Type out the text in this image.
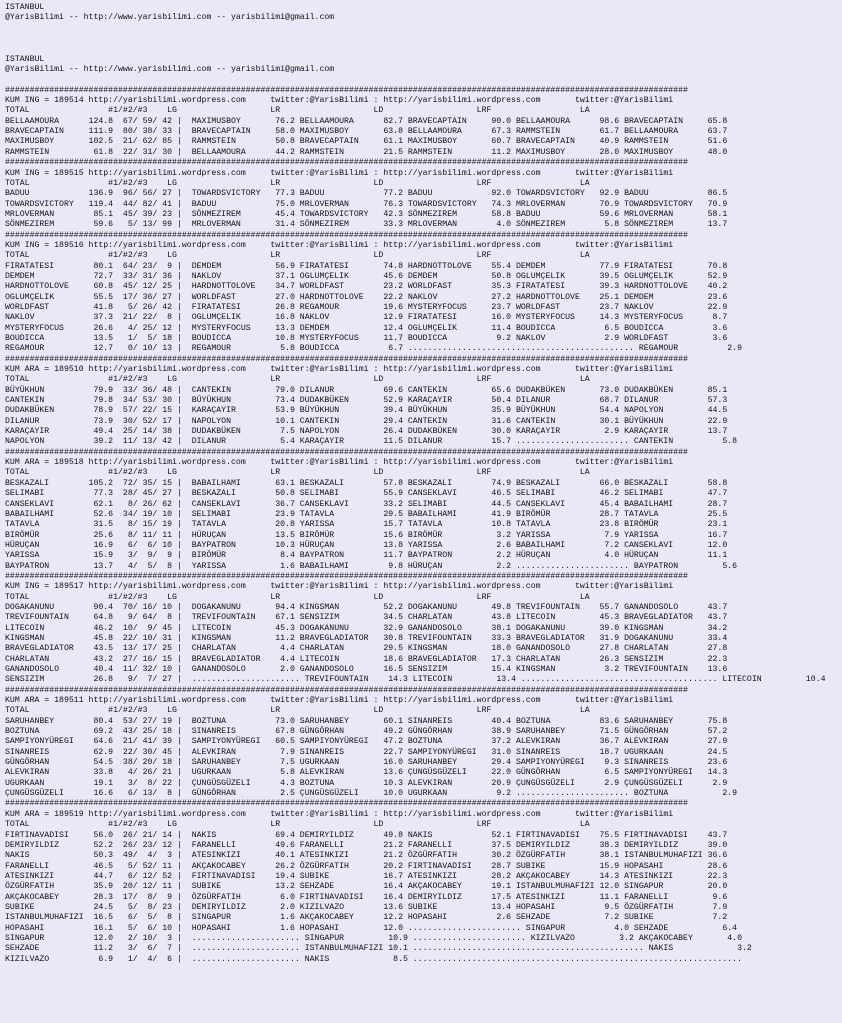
ISTANBUL
@YarisBilimi -- http://www.yarisbilimi.com -- yarisbilimi@gmail.com

ISTANBUL
@YarisBilimi -- http://www.yarisbilimi.com -- yarisbilimi@gmail.com

###########################################################################################################################################
KUM ING = 189514 http://yarisbilimi.wordpress.com     twitter:@YarisBilimi : http://yarisbilimi.wordpress.com       twitter:@YarisBilimi
TOTAL                #1/#2/#3    LG                   LR                   LD                   LRF                  LA
BELLAAMOURA      124.8  67/ 59/ 42 |  MAXIMUSBOY       76.2 BELLAAMOURA      82.7 BRAVECAPTAIN     90.0 BELLAAMOURA      98.6 BRAVECAPTAIN     65.8
BRAVECAPTAIN     111.9  80/ 38/ 33 |  BRAVECAPTAIN     58.0 MAXIMUSBOY       63.8 BELLAAMOURA      67.3 RAMMSTEIN        61.7 BELLAAMOURA      63.7
MAXIMUSBOY       102.5  21/ 62/ 85 |  RAMMSTEIN        50.8 BRAVECAPTAIN     61.1 MAXIMUSBOY       60.7 BRAVECAPTAIN     40.9 RAMMSTEIN        51.6
RAMMSTEIN         61.8  22/ 31/ 30 |  BELLAAMOURA      44.2 RAMMSTEIN        21.5 RAMMSTEIN        11.2 MAXIMUSBOY       28.0 MAXIMUSBOY       48.0
###########################################################################################################################################
KUM ING = 189515 http://yarisbilimi.wordpress.com     twitter:@YarisBilimi : http://yarisbilimi.wordpress.com       twitter:@YarisBilimi
TOTAL                #1/#2/#3    LG                   LR                   LD                   LRF                  LA
BADUU            136.9  96/ 56/ 27 |  TOWARDSVICTORY   77.3 BADUU            77.2 BADUU            92.0 TOWARDSVICTORY   92.9 BADUU            86.5
TOWARDSVICTORY   119.4  44/ 82/ 41 |  BADUU            75.0 MRLOVERMAN       76.3 TOWARDSVICTORY   74.3 MRLOVERMAN       70.9 TOWARDSVICTORY   70.9
MRLOVERMAN        85.1  45/ 39/ 23 |  SÖNMEZIREM       45.4 TOWARDSVICTORY   42.3 SÖNMEZIREM       58.8 BADUU            59.6 MRLOVERMAN       58.1
SÖNMEZIREM        59.6   5/ 13/ 99 |  MRLOVERMAN       31.4 SÖNMEZIREM       33.3 MRLOVERMAN        4.0 SÖNMEZIREM        5.8 SÖNMEZIREM       13.7
###########################################################################################################################################
KUM ING = 189516 http://yarisbilimi.wordpress.com     twitter:@YarisBilimi : http://yarisbilimi.wordpress.com       twitter:@YarisBilimi
TOTAL                #1/#2/#3    LG                   LR                   LD                   LRF                  LA
FIRATATESI        80.1  64/ 23/  9 |  DEMDEM           56.9 FIRATATESI       74.8 HARDNOTTOLOVE    55.4 DEMDEM           77.9 FIRATATESI       70.8
DEMDEM            72.7  33/ 31/ 36 |  NAKLOV           37.1 OGLUMÇELIK       45.6 DEMDEM           50.8 OGLUMÇELIK       39.5 OGLUMÇELIK       52.9
HARDNOTTOLOVE     60.8  45/ 12/ 25 |  HARDNOTTOLOVE    34.7 WORLDFAST        23.2 WORLDFAST        35.3 FIRATATESI       39.3 HARDNOTTOLOVE    40.2
OGLUMÇELIK        55.5  17/ 36/ 27 |  WORLDFAST        27.0 HARDNOTTOLOVE    22.2 NAKLOV           27.2 HARDNOTTOLOVE    25.1 DEMDEM           23.6
WORLDFAST         41.8   5/ 26/ 42 |  FIRATATESI       26.8 REGAMOUR         19.6 MYSTERYFOCUS     23.7 WORLDFAST        23.7 NAKLOV           22.9
NAKLOV            37.3  21/ 22/  8 |  OGLUMÇELIK       16.8 NAKLOV           12.9 FIRATATESI       16.0 MYSTERYFOCUS     14.3 MYSTERYFOCUS      8.7
MYSTERYFOCUS      26.6   4/ 25/ 12 |  MYSTERYFOCUS     13.3 DEMDEM           12.4 OGLUMÇELIK       11.4 BOUDICCA          6.5 BOUDICCA          3.6
BOUDICCA          13.5   1/  5/ 18 |  BOUDICCA         10.8 MYSTERYFOCUS     11.7 BOUDICCA          9.2 NAKLOV            2.9 WORLDFAST         3.6
REGAMOUR          12.7   0/ 10/ 13 |  REGAMOUR          5.8 BOUDICCA          6.7 .............................................. REGAMOUR          2.9
###########################################################################################################################################
KUM ARA = 189510 http://yarisbilimi.wordpress.com     twitter:@YarisBilimi : http://yarisbilimi.wordpress.com       twitter:@YarisBilimi
TOTAL                #1/#2/#3    LG                   LR                   LD                   LRF                  LA
BÜYÜKHUN          79.9  33/ 36/ 48 |  CANTEKIN         79.0 DILANUR          69.6 CANTEKIN         65.6 DUDAKBÜKEN       73.0 DUDAKBÜKEN       85.1
CANTEKIN          79.8  34/ 53/ 30 |  BÜYÜKHUN         73.4 DUDAKBÜKEN       52.9 KARAÇAYIR        50.4 DILANUR          68.7 DILANUR          57.3
DUDAKBÜKEN        78.9  57/ 22/ 15 |  KARAÇAYIR        53.9 BÜYÜKHUN         39.4 BÜYÜKHUN         35.9 BÜYÜKHUN         54.4 NAPOLYON         44.5
DILANUR           73.9  30/ 52/ 17 |  NAPOLYON         10.1 CANTEKIN         29.4 CANTEKIN         31.6 CANTEKIN         30.1 BÜYÜKHUN         22.9
KARAÇAYIR         49.4  25/ 14/ 38 |  DUDAKBÜKEN        7.5 NAPOLYON         26.4 DUDAKBÜKEN       30.0 KARAÇAYIR         2.9 KARAÇAYIR        13.7
NAPOLYON          39.2  11/ 13/ 42 |  DILANUR           5.4 KARAÇAYIR        11.5 DILANUR          15.7 ....................... CANTEKIN          5.8
###########################################################################################################################################
KUM ARA = 189518 http://yarisbilimi.wordpress.com     twitter:@YarisBilimi : http://yarisbilimi.wordpress.com       twitter:@YarisBilimi
TOTAL                #1/#2/#3    LG                   LR                   LD                   LRF                  LA
BESKAZALI        105.2  72/ 35/ 15 |  BABAILHAMI       63.1 BESKAZALI        57.8 BESKAZALI        74.9 BESKAZALI        66.0 BESKAZALI        58.8
SELIMABI          77.3  28/ 45/ 27 |  BESKAZALI        50.8 SELIMABI         55.9 CANSEKLAVI       46.5 SELIMABI         46.2 SELIMABI         47.7
CANSEKLAVI        62.1   8/ 26/ 62 |  CANSEKLAVI       36.7 CANSEKLAVI       33.2 SELIMABI         44.5 CANSEKLAVI       45.4 BABAILHAMI       28.7
BABAILHAMI        52.6  34/ 19/ 10 |  SELIMABI         23.9 TATAVLA          29.5 BABAILHAMI       41.9 BIRÖMÜR          28.7 TATAVLA          25.5
TATAVLA           31.5   8/ 15/ 19 |  TATAVLA          20.8 YARISSA          15.7 TATAVLA          10.8 TATAVLA          23.8 BIRÖMÜR          23.1
BIRÖMÜR           25.6   8/ 11/ 11 |  HÜRUÇAN          13.5 BIRÖMÜR          15.6 BIRÖMÜR           3.2 YARISSA           7.9 YARISSA          16.7
HÜRUÇAN           16.9   6/  6/ 10 |  BAYPATRON        10.3 HÜRUÇAN          13.8 YARISSA           2.6 BABAILHAMI        7.2 CANSEKLAVI       12.0
YARISSA           15.9   3/  9/  9 |  BIRÖMÜR           8.4 BAYPATRON        11.7 BAYPATRON         2.2 HÜRUÇAN           4.0 HÜRUÇAN          11.1
BAYPATRON         13.7   4/  5/  8 |  YARISSA           1.6 BABAILHAMI        9.8 HÜRUÇAN           2.2 ....................... BAYPATRON         5.6
###########################################################################################################################################
KUM ING = 189517 http://yarisbilimi.wordpress.com     twitter:@YarisBilimi : http://yarisbilimi.wordpress.com       twitter:@YarisBilimi
TOTAL                #1/#2/#3    LG                   LR                   LD                   LRF                  LA
DOGAKANUNU        90.4  70/ 16/ 10 |  DOGAKANUNU       94.4 KINGSMAN         52.2 DOGAKANUNU       49.8 TREVIFOUNTAIN    55.7 GANANDOSOLO      43.7
TREVIFOUNTAIN     64.8   9/ 64/  8 |  TREVIFOUNTAIN    67.1 SENSIZIM         34.5 CHARLATAN        43.8 LITECOIN         45.3 BRAVEGLADIATOR   43.7
LITECOIN          46.2  10/  9/ 45 |  LITECOIN         45.3 DOGAKANUNU       32.9 GANANDOSOLO      38.1 DOGAKANUNU       39.0 KINGSMAN         34.2
KINGSMAN          45.8  22/ 10/ 31 |  KINGSMAN         11.2 BRAVEGLADIATOR   30.8 TREVIFOUNTAIN    33.3 BRAVEGLADIATOR   31.9 DOGAKANUNU       33.4
BRAVEGLADIATOR    43.5  13/ 17/ 25 |  CHARLATAN         4.4 CHARLATAN        29.5 KINGSMAN         18.0 GANANDOSOLO      27.8 CHARLATAN        27.8
CHARLATAN         43.2  27/ 16/ 15 |  BRAVEGLADIATOR    4.4 LITECOIN         18.6 BRAVEGLADIATOR   17.3 CHARLATAN        26.3 SENSIZIM         22.3
GANANDOSOLO       40.4  11/ 32/ 10 |  GANANDOSOLO       2.0 GANANDOSOLO      16.5 SENSIZIM         15.4 KINGSMAN          3.2 TREVIFOUNTAIN    13.6
SENSIZIM          26.8   9/  7/ 27 |  ...................... TREVIFOUNTAIN    14.3 LITECOIN         13.4 ........................................ LITECOIN         10.4
###########################################################################################################################################
KUM ARA = 189511 http://yarisbilimi.wordpress.com     twitter:@YarisBilimi : http://yarisbilimi.wordpress.com       twitter:@YarisBilimi
TOTAL                #1/#2/#3    LG                   LR                   LD                   LRF                  LA
SARUHANBEY        80.4  53/ 27/ 19 |  BOZTUNA          73.0 SARUHANBEY       60.1 SINANREIS        40.4 BOZTUNA          83.6 SARUHANBEY       75.8
BOZTUNA           69.2  43/ 25/ 18 |  SINANREIS        67.8 GÜNGÖRHAN        49.2 GÜNGÖRHAN        38.9 SARUHANBEY       71.5 GÜNGÖRHAN        57.2
SAMPIYONYÜREGI    64.6  21/ 41/ 39 |  SAMPIYONYÜREGI   60.5 SAMPIYONYÜREGI   47.2 BOZTUNA          37.2 ALEVKIRAN        36.7 ALEVKIRAN        27.9
SINANREIS         62.9  22/ 30/ 45 |  ALEVKIRAN         7.9 SINANREIS        22.7 SAMPIYONYÜREGI   31.0 SINANREIS        18.7 UGURKAAN         24.5
GÜNGÖRHAN         54.5  38/ 20/ 18 |  SARUHANBEY        7.5 UGURKAAN         16.0 SARUHANBEY       29.4 SAMPIYONYÜREGI    9.3 SINANREIS        23.6
ALEVKIRAN         33.8   4/ 26/ 21 |  UGURKAAN          5.8 ALEVKIRAN        13.6 ÇUNGÜSGÜZELI     22.0 GÜNGÖRHAN         6.5 SAMPIYONYÜREGI   14.3
UGURKAAN          19.1   3/  8/ 22 |  ÇUNGÜSGÜZELI      4.3 BOZTUNA          10.3 ALEVKIRAN        20.9 ÇUNGÜSGÜZELI      2.9 ÇUNGÜSGÜZELI      2.9
ÇUNGÜSGÜZELI      16.6   6/ 13/  8 |  GÜNGÖRHAN         2.5 ÇUNGÜSGÜZELI     10.0 UGURKAAN          9.2 ....................... BOZTUNA           2.9
###########################################################################################################################################
KUM ARA = 189519 http://yarisbilimi.wordpress.com     twitter:@YarisBilimi : http://yarisbilimi.wordpress.com       twitter:@YarisBilimi
TOTAL                #1/#2/#3    LG                   LR                   LD                   LRF                  LA
FIRTINAVADISI     56.0  26/ 21/ 14 |  NAKIS            69.4 DEMIRYILDIZ      49.8 NAKIS            52.1 FIRTINAVADISI    75.5 FIRTINAVADISI    43.7
DEMIRYILDIZ       52.2  26/ 23/ 12 |  FARANELLI        49.6 FARANELLI        21.2 FARANELLI        37.5 DEMIRYILDIZ      38.3 DEMIRYILDIZ      39.0
NAKIS             50.3  49/  4/  3 |  ATESINKIZI       40.1 ATESINKIZI       21.2 ÖZGÜRFATIH       30.2 ÖZGÜRFATIH       38.1 ISTANBULMUHAFIZI 36.6
FARANELLI         46.5   5/ 52/ 11 |  AKÇAKOCABEY      26.2 ÖZGÜRFATIH       20.2 FIRTINAVADISI    28.7 SUBIKE           15.9 HOPASAHI         28.6
ATESINKIZI        44.7   6/ 12/ 52 |  FIRTINAVADISI    19.4 SUBIKE           16.7 ATESINKIZI       28.2 AKÇAKOCABEY      14.3 ATESINKIZI       22.3
ÖZGÜRFATIH        35.9  20/ 12/ 11 |  SUBIKE           13.2 SEHZADE          16.4 AKÇAKOCABEY      19.1 ISTANBULMUHAFIZI 12.0 SINGAPUR         20.0
AKÇAKOCABEY       28.3  17/  8/  9 |  ÖZGÜRFATIH        6.0 FIRTINAVADISI    16.4 DEMIRYILDIZ      17.5 ATESINKIZI       11.1 FARANELLI         9.6
SUBIKE            24.5   5/  8/ 23 |  DEMIRYILDIZ       2.0 KIZILVAZO        13.6 SUBIKE           13.4 HOPASAHI          9.5 ÖZGÜRFATIH        7.9
ISTANBULMUHAFIZI  16.5   6/  5/  8 |  SINGAPUR          1.6 AKÇAKOCABEY      12.2 HOPASAHI          2.6 SEHZADE           7.2 SUBIKE            7.2
HOPASAHI          16.1   5/  6/ 10 |  HOPASAHI          1.6 HOPASAHI         12.0 ....................... SINGAPUR          4.0 SEHZADE           6.4
SINGAPUR          12.0   2/ 10/  3 |  ...................... SINGAPUR         10.9 ....................... KIZILVAZO         3.2 AKÇAKOCABEY       4.0
SEHZADE           11.2   3/  6/  7 |  ...................... ISTANBULMUHAFIZI 10.1 ............................................... NAKIS             3.2
KIZILVAZO          6.9   1/  4/  6 |  ...................... NAKIS             8.5 ...................................................................
